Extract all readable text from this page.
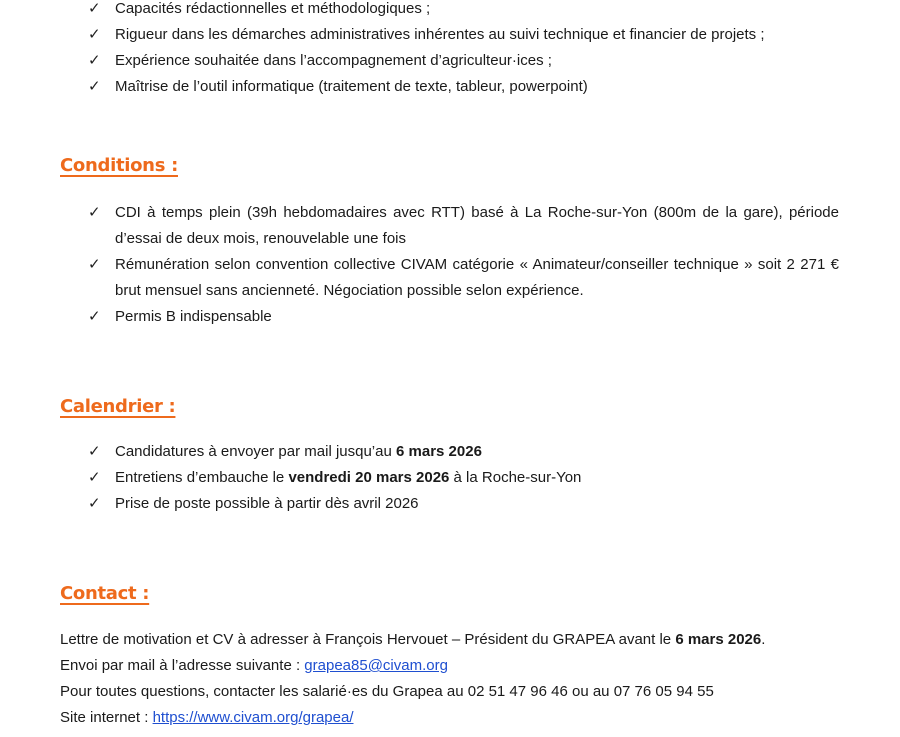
✓ Capacités rédactionnelles et méthodologiques ;
✓ Rigueur dans les démarches administratives inhérentes au suivi technique et financier de projets ;
✓ Expérience souhaitée dans l’accompagnement d’agriculteur·ices ;
✓ Maîtrise de l’outil informatique (traitement de texte, tableur, powerpoint)
Conditions :
✓ CDI à temps plein (39h hebdomadaires avec RTT) basé à La Roche-sur-Yon (800m de la gare), période d’essai de deux mois, renouvelable une fois
✓ Rémunération selon convention collective CIVAM catégorie « Animateur/conseiller technique » soit 2 271 € brut mensuel sans ancienneté. Négociation possible selon expérience.
✓ Permis B indispensable
Calendrier :
✓ Candidatures à envoyer par mail jusqu’au 6 mars 2026
✓ Entretiens d’embauche le vendredi 20 mars 2026 à la Roche-sur-Yon
✓ Prise de poste possible à partir dès avril 2026
Contact :

Lettre de motivation et CV à adresser à François Hervouet – Président du GRAPEA avant le 6 mars 2026.

Envoi par mail à l’adresse suivante : grapea85@civam.org

Pour toutes questions, contacter les salarié·es du Grapea au 02 51 47 96 46 ou au 07 76 05 94 55

Site internet : https://www.civam.org/grapea/
